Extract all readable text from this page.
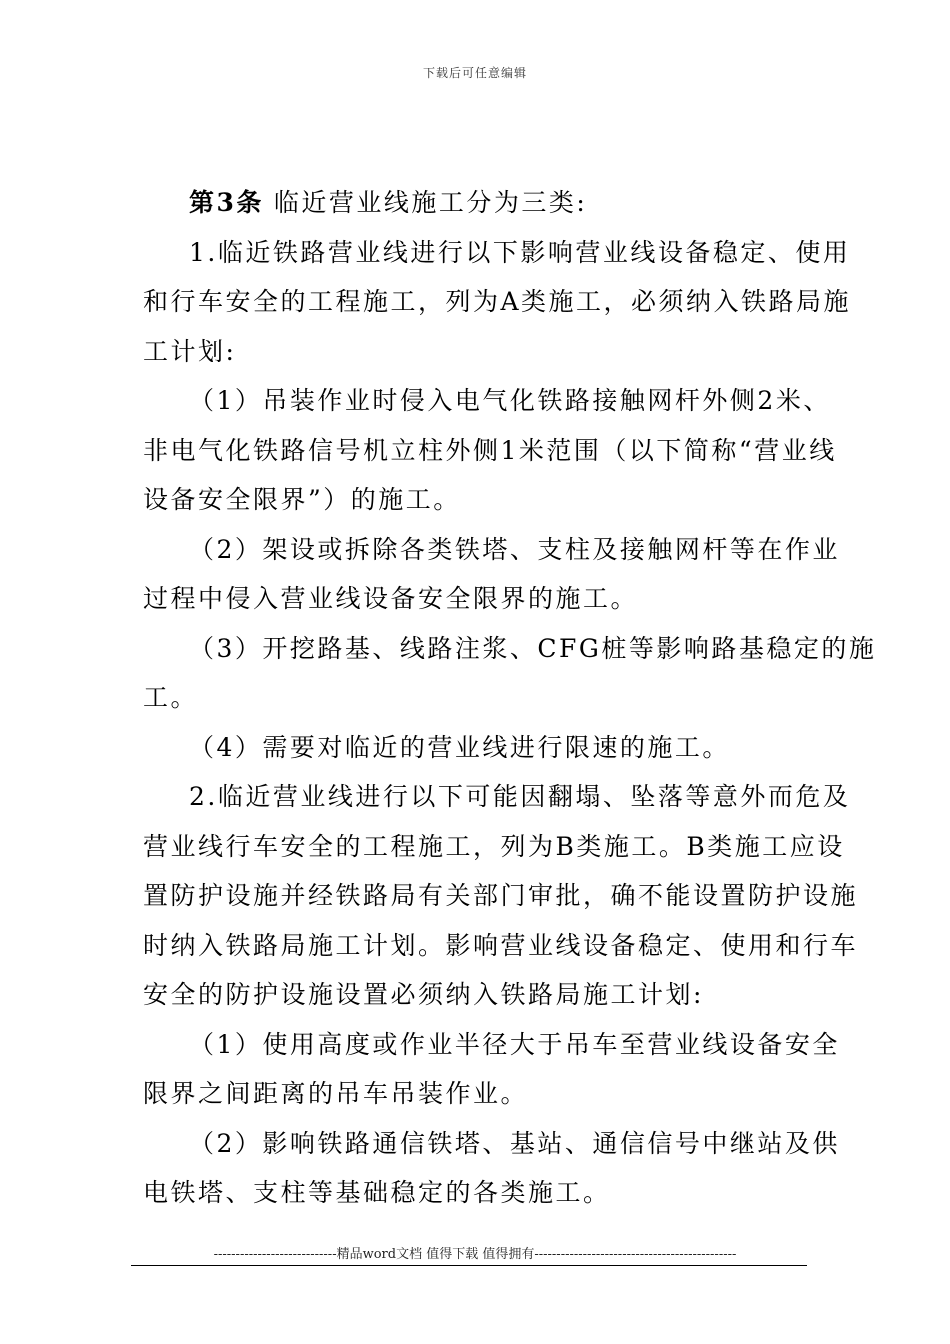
下载后可任意编辑

第3条 临近营业线施工分为三类:

1.临近铁路营业线进行以下影响营业线设备稳定、使用

和行车安全的工程施工，列为A类施工，必须纳入铁路局施

工计划:

（1）吊装作业时侵入电气化铁路接触网杆外侧2米、

非电气化铁路信号机立柱外侧1米范围（以下简称“营业线

设备安全限界”）的施工。

（2）架设或拆除各类铁塔、支柱及接触网杆等在作业

过程中侵入营业线设备安全限界的施工。

（3）开挖路基、线路注浆、CFG桩等影响路基稳定的施

工。

（4）需要对临近的营业线进行限速的施工。

2.临近营业线进行以下可能因翻塌、坠落等意外而危及

营业线行车安全的工程施工，列为B类施工。B类施工应设

置防护设施并经铁路局有关部门审批，确不能设置防护设施

时纳入铁路局施工计划。影响营业线设备稳定、使用和行车

安全的防护设施设置必须纳入铁路局施工计划:

（1）使用高度或作业半径大于吊车至营业线设备安全

限界之间距离的吊车吊装作业。

（2）影响铁路通信铁塔、基站、通信信号中继站及供

电铁塔、支柱等基础稳定的各类施工。

----------------------------精品word文档 值得下载 值得拥有----------------------------------------------
